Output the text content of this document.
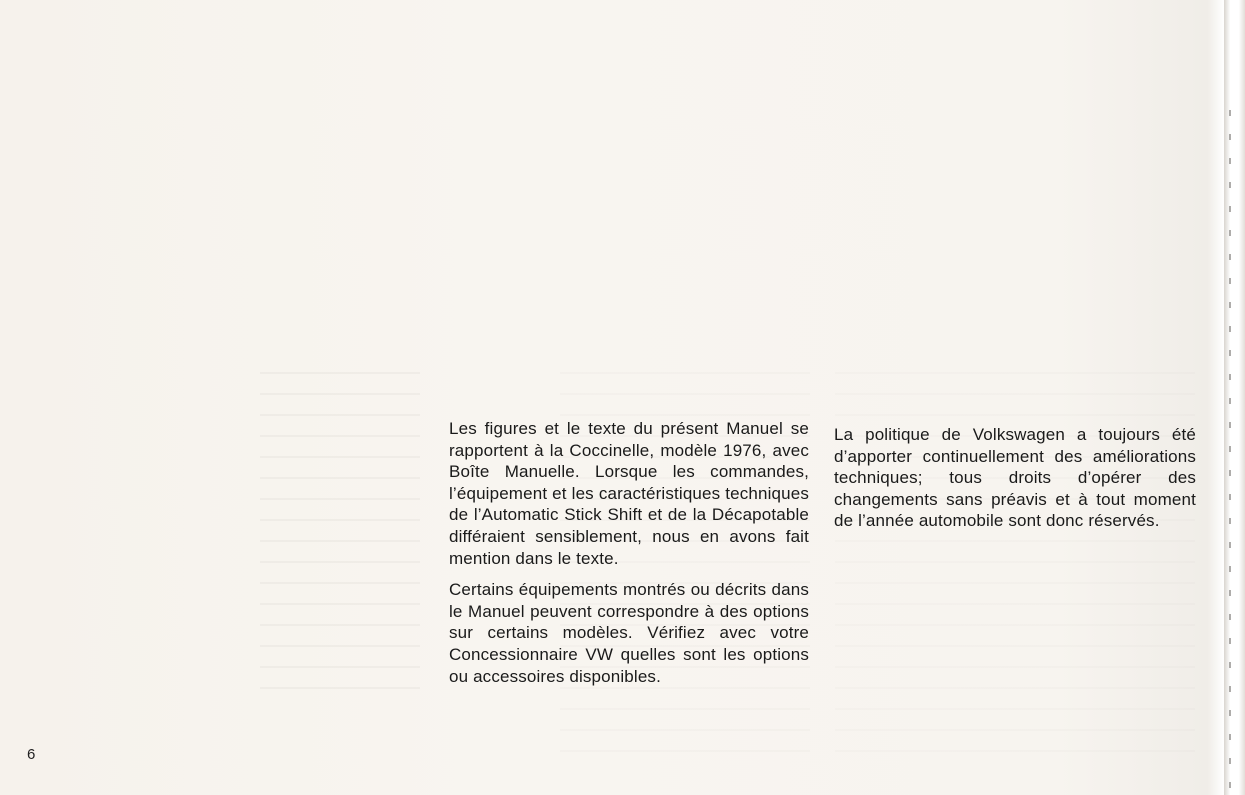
Les figures et le texte du présent Manuel se rapportent à la Coccinelle, modèle 1976, avec Boîte Manuelle. Lorsque les commandes, l’équipement et les caractéristiques techniques de l’Automatic Stick Shift et de la Décapotable différaient sensiblement, nous en avons fait mention dans le texte.

Certains équipements montrés ou décrits dans le Manuel peuvent correspondre à des options sur certains modèles. Vérifiez avec votre Concessionnaire VW quelles sont les options ou accessoires disponibles.

La politique de Volkswagen a toujours été d’apporter continuellement des améliorations techniques; tous droits d’opérer des changements sans préavis et à tout moment de l’année automobile sont donc réservés.

6
